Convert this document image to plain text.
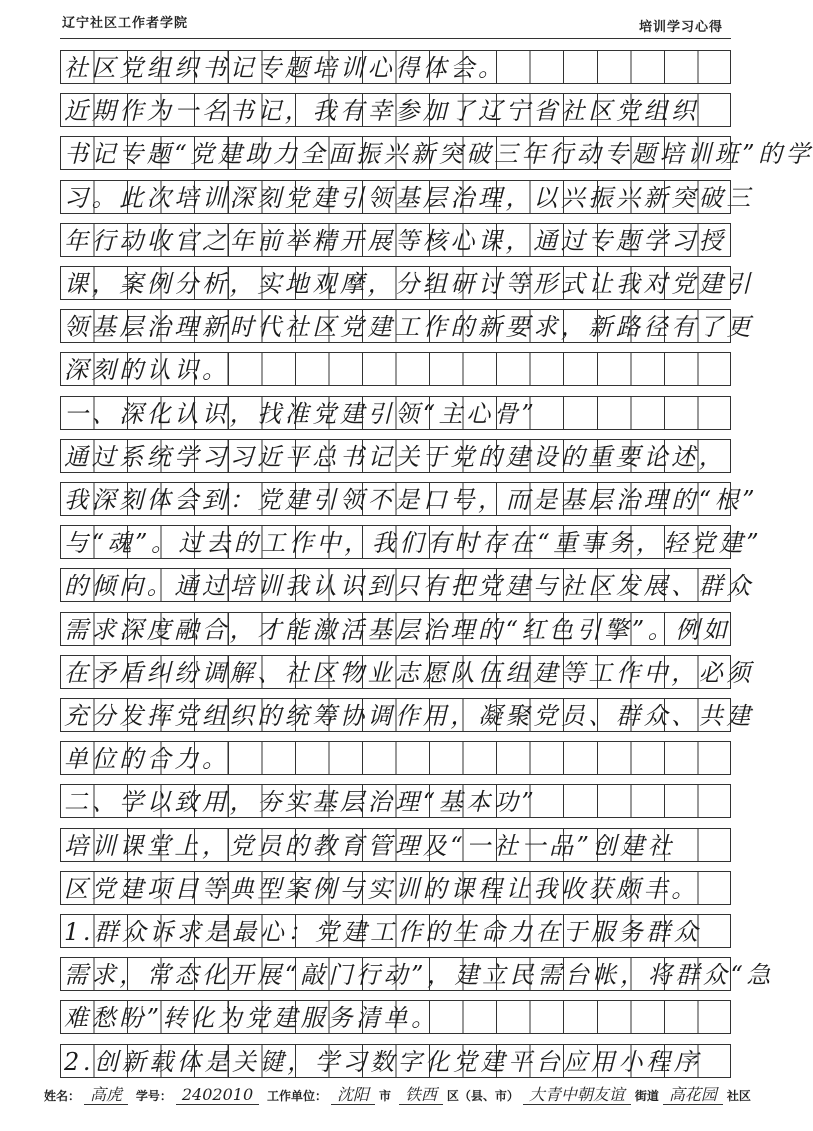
辽宁社区工作者学院	培训学习心得
社区党组织书记专题培训心得体会。
近期作为一名书记，我有幸参加了辽宁省社区党组织
书记专题“党建助力全面振兴新突破三年行动专题培训班”的学
习。此次培训深刻党建引领基层治理，以兴振兴新突破三
年行动收官之年前举精开展等核心课，通过专题学习授
课，案例分析，实地观摩，分组研讨等形式让我对党建引
领基层治理新时代社区党建工作的新要求，新路径有了更
深刻的认识。
一、深化认识，找准党建引领“主心骨”
通过系统学习习近平总书记关于党的建设的重要论述，
我深刻体会到：党建引领不是口号，而是基层治理的“根”
与“魂”。过去的工作中，我们有时存在“重事务，轻党建”
的倾向。通过培训我认识到只有把党建与社区发展、群众
需求深度融合，才能激活基层治理的“红色引擎”。例如
在矛盾纠纷调解、社区物业志愿队伍组建等工作中，必须
充分发挥党组织的统筹协调作用，凝聚党员、群众、共建
单位的合力。
二、学以致用，夯实基层治理“基本功”
培训课堂上，党员的教育管理及“一社一品”创建社
区党建项目等典型案例与实训的课程让我收获颇丰。
1.群众诉求是最心：党建工作的生命力在于服务群众
需求，常态化开展“敲门行动”，建立民需台帐，将群众“急
难愁盼”转化为党建服务清单。
2.创新载体是关键，学习数字化党建平台应用小程序
姓名： 高虎 学号： 2402010 工作单位： 沈阳 市 铁西 区（县、市） 大青中朝友谊 街道 高花园 社区
